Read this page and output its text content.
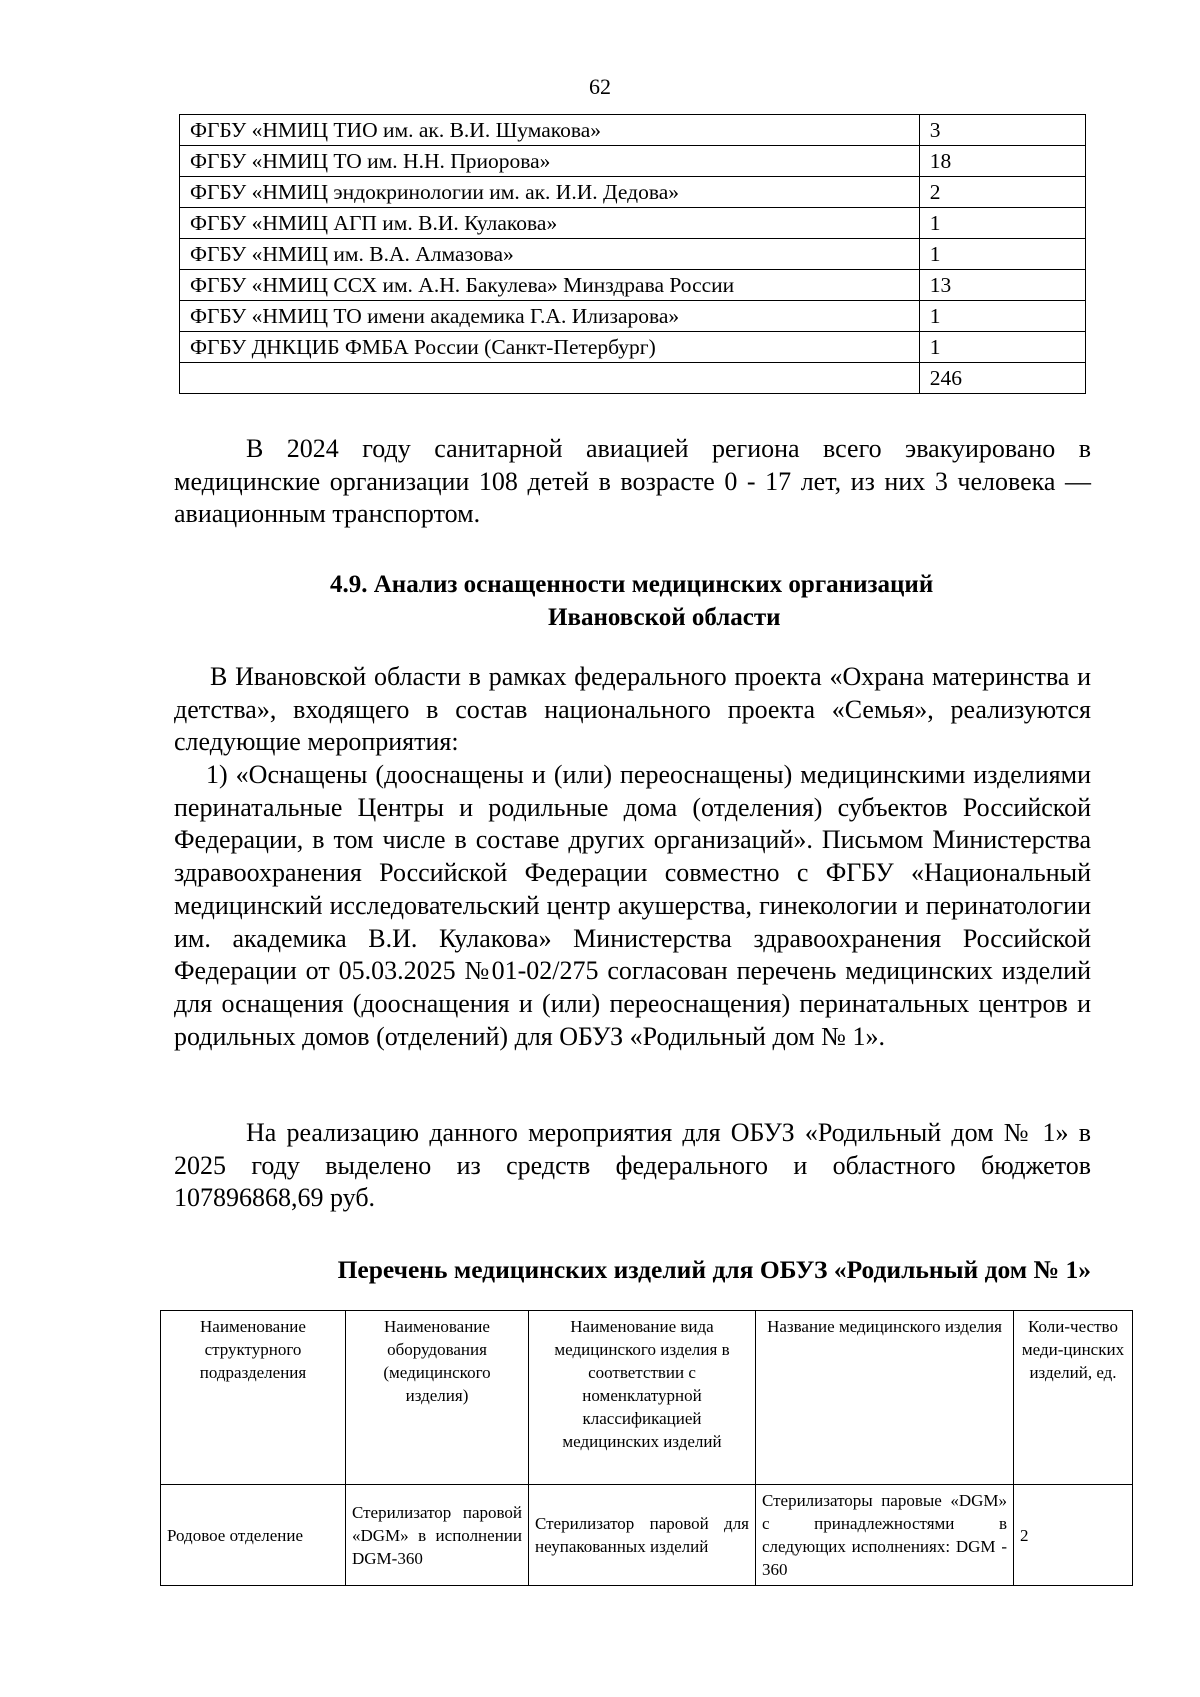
62
ФГБУ «НМИЦ ТИО им. ак. В.И. Шумакова»	3
ФГБУ «НМИЦ ТО им. Н.Н. Приорова»	18
ФГБУ «НМИЦ эндокринологии им. ак. И.И. Дедова»	2
ФГБУ «НМИЦ АГП им. В.И. Кулакова»	1
ФГБУ «НМИЦ им. В.А. Алмазова»	1
ФГБУ «НМИЦ ССХ им. А.Н. Бакулева» Минздрава России	13
ФГБУ «НМИЦ ТО имени академика Г.А. Илизарова»	1
ФГБУ ДНКЦИБ ФМБА России (Санкт-Петербург)	1
	246

В 2024 году санитарной авиацией региона всего эвакуировано в медицинские организации 108 детей в возрасте 0 - 17 лет, из них 3 человека — авиационным транспортом.

4.9. Анализ оснащенности медицинских организаций
Ивановской области

В Ивановской области в рамках федерального проекта «Охрана материнства и детства», входящего в состав национального проекта «Семья», реализуются следующие мероприятия:

1) «Оснащены (дооснащены и (или) переоснащены) медицинскими изделиями перинатальные Центры и родильные дома (отделения) субъектов Российской Федерации, в том числе в составе других организаций». Письмом Министерства здравоохранения Российской Федерации совместно с ФГБУ «Национальный медицинский исследовательский центр акушерства, гинекологии и перинатологии им. академика В.И. Кулакова» Министерства здравоохранения Российской Федерации от 05.03.2025 №01-02/275 согласован перечень медицинских изделий для оснащения (дооснащения и (или) переоснащения) перинатальных центров и родильных домов (отделений) для ОБУЗ «Родильный дом № 1».

На реализацию данного мероприятия для ОБУЗ «Родильный дом № 1» в 2025 году выделено из средств федерального и областного бюджетов 107896868,69 руб.

Перечень медицинских изделий для ОБУЗ «Родильный дом № 1»
Наименование структурного подразделения	Наименование оборудования (медицинского изделия)	Наименование вида медицинского изделия в соответствии с номенклатурной классификацией медицинских изделий	Название медицинского изделия	Коли-чество меди-цинских изделий, ед.
Родовое отделение	Стерилизатор паровой «DGM» в исполнении DGM-360	Стерилизатор паровой для неупакованных изделий	Стерилизаторы паровые «DGM» с принадлежностями в следующих исполнениях: DGM - 360	2
